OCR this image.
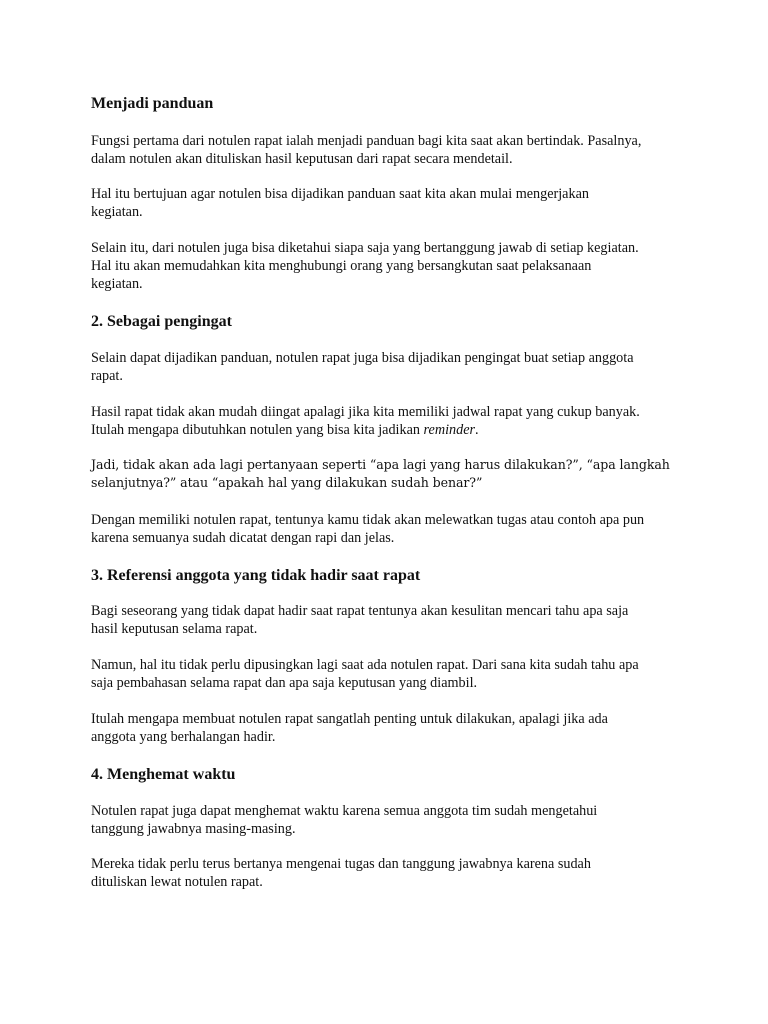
Menjadi panduan

Fungsi pertama dari notulen rapat ialah menjadi panduan bagi kita saat akan bertindak. Pasalnya,
dalam notulen akan dituliskan hasil keputusan dari rapat secara mendetail.

Hal itu bertujuan agar notulen bisa dijadikan panduan saat kita akan mulai mengerjakan
kegiatan.

Selain itu, dari notulen juga bisa diketahui siapa saja yang bertanggung jawab di setiap kegiatan.
Hal itu akan memudahkan kita menghubungi orang yang bersangkutan saat pelaksanaan
kegiatan.

2. Sebagai pengingat

Selain dapat dijadikan panduan, notulen rapat juga bisa dijadikan pengingat buat setiap anggota
rapat.

Hasil rapat tidak akan mudah diingat apalagi jika kita memiliki jadwal rapat yang cukup banyak.
Itulah mengapa dibutuhkan notulen yang bisa kita jadikan reminder.

Jadi, tidak akan ada lagi pertanyaan seperti “apa lagi yang harus dilakukan?”, “apa langkah
selanjutnya?” atau “apakah hal yang dilakukan sudah benar?”

Dengan memiliki notulen rapat, tentunya kamu tidak akan melewatkan tugas atau contoh apa pun
karena semuanya sudah dicatat dengan rapi dan jelas.

3. Referensi anggota yang tidak hadir saat rapat

Bagi seseorang yang tidak dapat hadir saat rapat tentunya akan kesulitan mencari tahu apa saja
hasil keputusan selama rapat.

Namun, hal itu tidak perlu dipusingkan lagi saat ada notulen rapat. Dari sana kita sudah tahu apa
saja pembahasan selama rapat dan apa saja keputusan yang diambil.

Itulah mengapa membuat notulen rapat sangatlah penting untuk dilakukan, apalagi jika ada
anggota yang berhalangan hadir.

4. Menghemat waktu

Notulen rapat juga dapat menghemat waktu karena semua anggota tim sudah mengetahui
tanggung jawabnya masing-masing.

Mereka tidak perlu terus bertanya mengenai tugas dan tanggung jawabnya karena sudah
dituliskan lewat notulen rapat.
